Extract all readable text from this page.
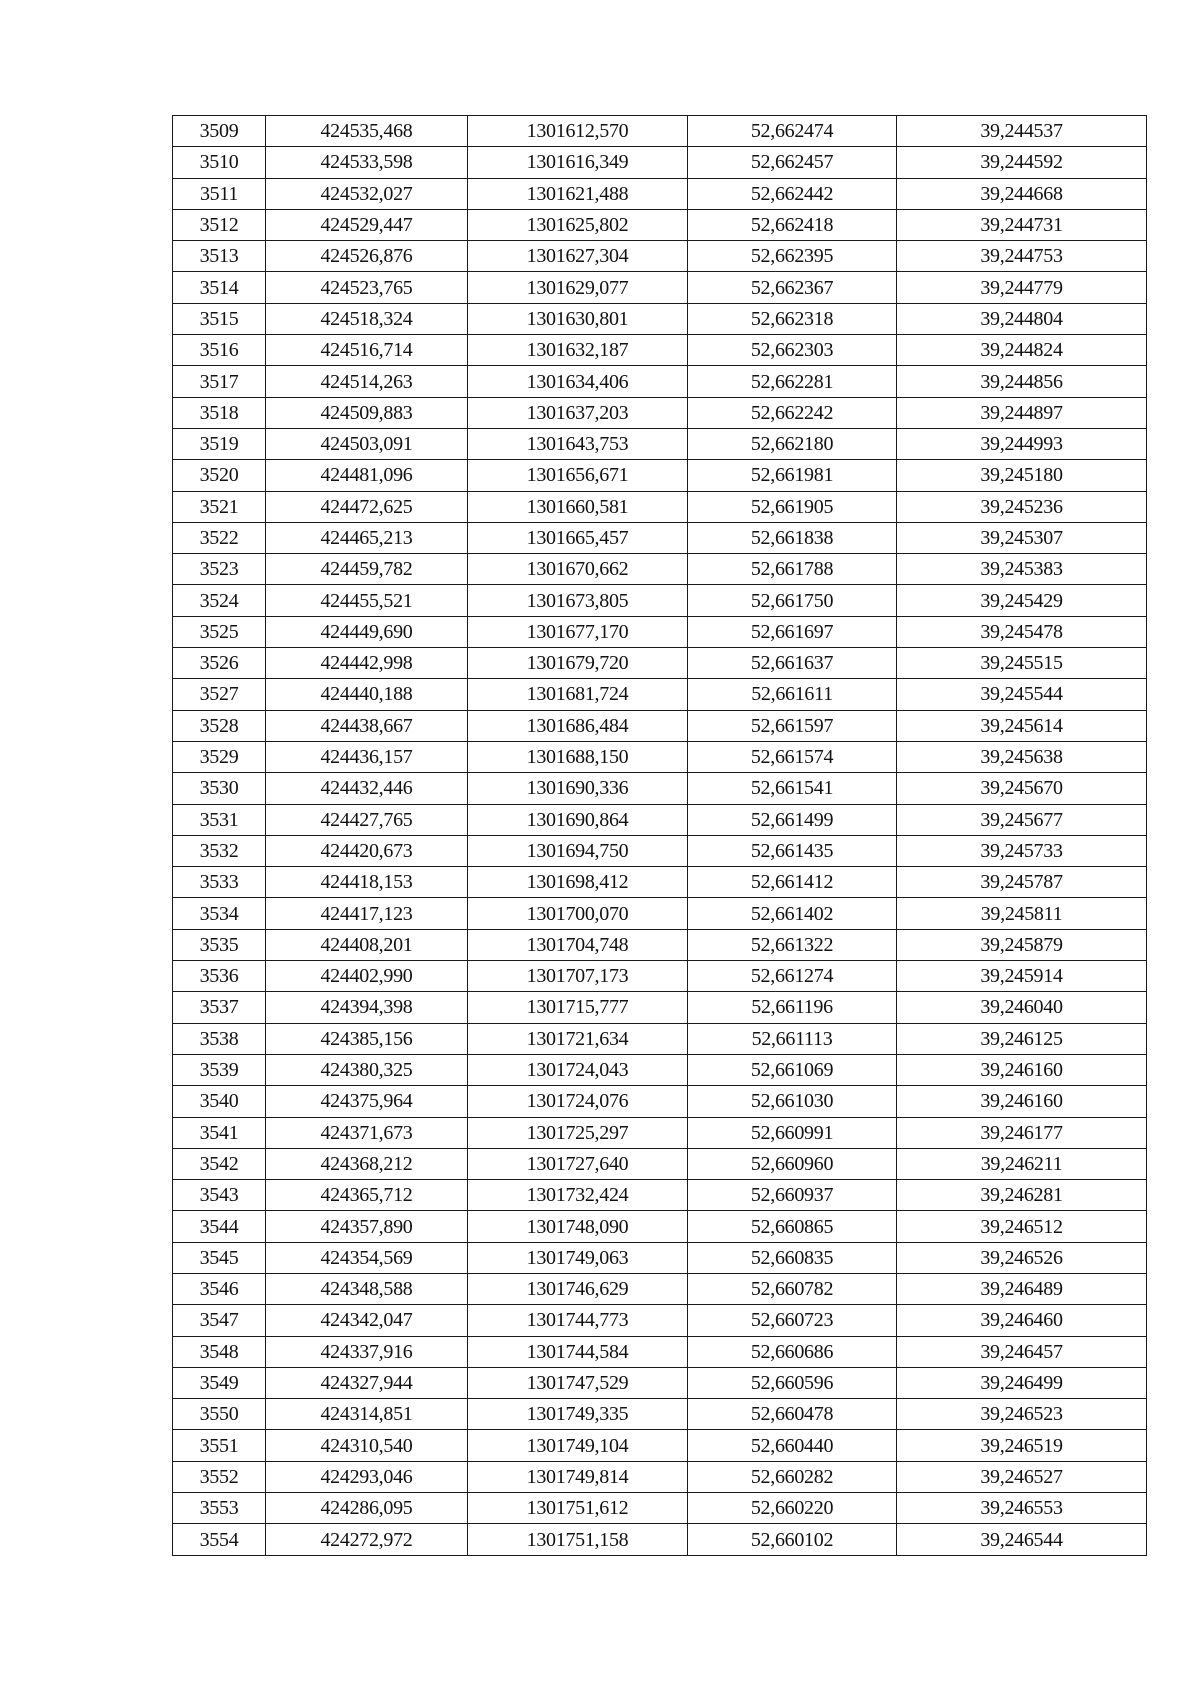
3509	424535,468	1301612,570	52,662474	39,244537
3510	424533,598	1301616,349	52,662457	39,244592
3511	424532,027	1301621,488	52,662442	39,244668
3512	424529,447	1301625,802	52,662418	39,244731
3513	424526,876	1301627,304	52,662395	39,244753
3514	424523,765	1301629,077	52,662367	39,244779
3515	424518,324	1301630,801	52,662318	39,244804
3516	424516,714	1301632,187	52,662303	39,244824
3517	424514,263	1301634,406	52,662281	39,244856
3518	424509,883	1301637,203	52,662242	39,244897
3519	424503,091	1301643,753	52,662180	39,244993
3520	424481,096	1301656,671	52,661981	39,245180
3521	424472,625	1301660,581	52,661905	39,245236
3522	424465,213	1301665,457	52,661838	39,245307
3523	424459,782	1301670,662	52,661788	39,245383
3524	424455,521	1301673,805	52,661750	39,245429
3525	424449,690	1301677,170	52,661697	39,245478
3526	424442,998	1301679,720	52,661637	39,245515
3527	424440,188	1301681,724	52,661611	39,245544
3528	424438,667	1301686,484	52,661597	39,245614
3529	424436,157	1301688,150	52,661574	39,245638
3530	424432,446	1301690,336	52,661541	39,245670
3531	424427,765	1301690,864	52,661499	39,245677
3532	424420,673	1301694,750	52,661435	39,245733
3533	424418,153	1301698,412	52,661412	39,245787
3534	424417,123	1301700,070	52,661402	39,245811
3535	424408,201	1301704,748	52,661322	39,245879
3536	424402,990	1301707,173	52,661274	39,245914
3537	424394,398	1301715,777	52,661196	39,246040
3538	424385,156	1301721,634	52,661113	39,246125
3539	424380,325	1301724,043	52,661069	39,246160
3540	424375,964	1301724,076	52,661030	39,246160
3541	424371,673	1301725,297	52,660991	39,246177
3542	424368,212	1301727,640	52,660960	39,246211
3543	424365,712	1301732,424	52,660937	39,246281
3544	424357,890	1301748,090	52,660865	39,246512
3545	424354,569	1301749,063	52,660835	39,246526
3546	424348,588	1301746,629	52,660782	39,246489
3547	424342,047	1301744,773	52,660723	39,246460
3548	424337,916	1301744,584	52,660686	39,246457
3549	424327,944	1301747,529	52,660596	39,246499
3550	424314,851	1301749,335	52,660478	39,246523
3551	424310,540	1301749,104	52,660440	39,246519
3552	424293,046	1301749,814	52,660282	39,246527
3553	424286,095	1301751,612	52,660220	39,246553
3554	424272,972	1301751,158	52,660102	39,246544
